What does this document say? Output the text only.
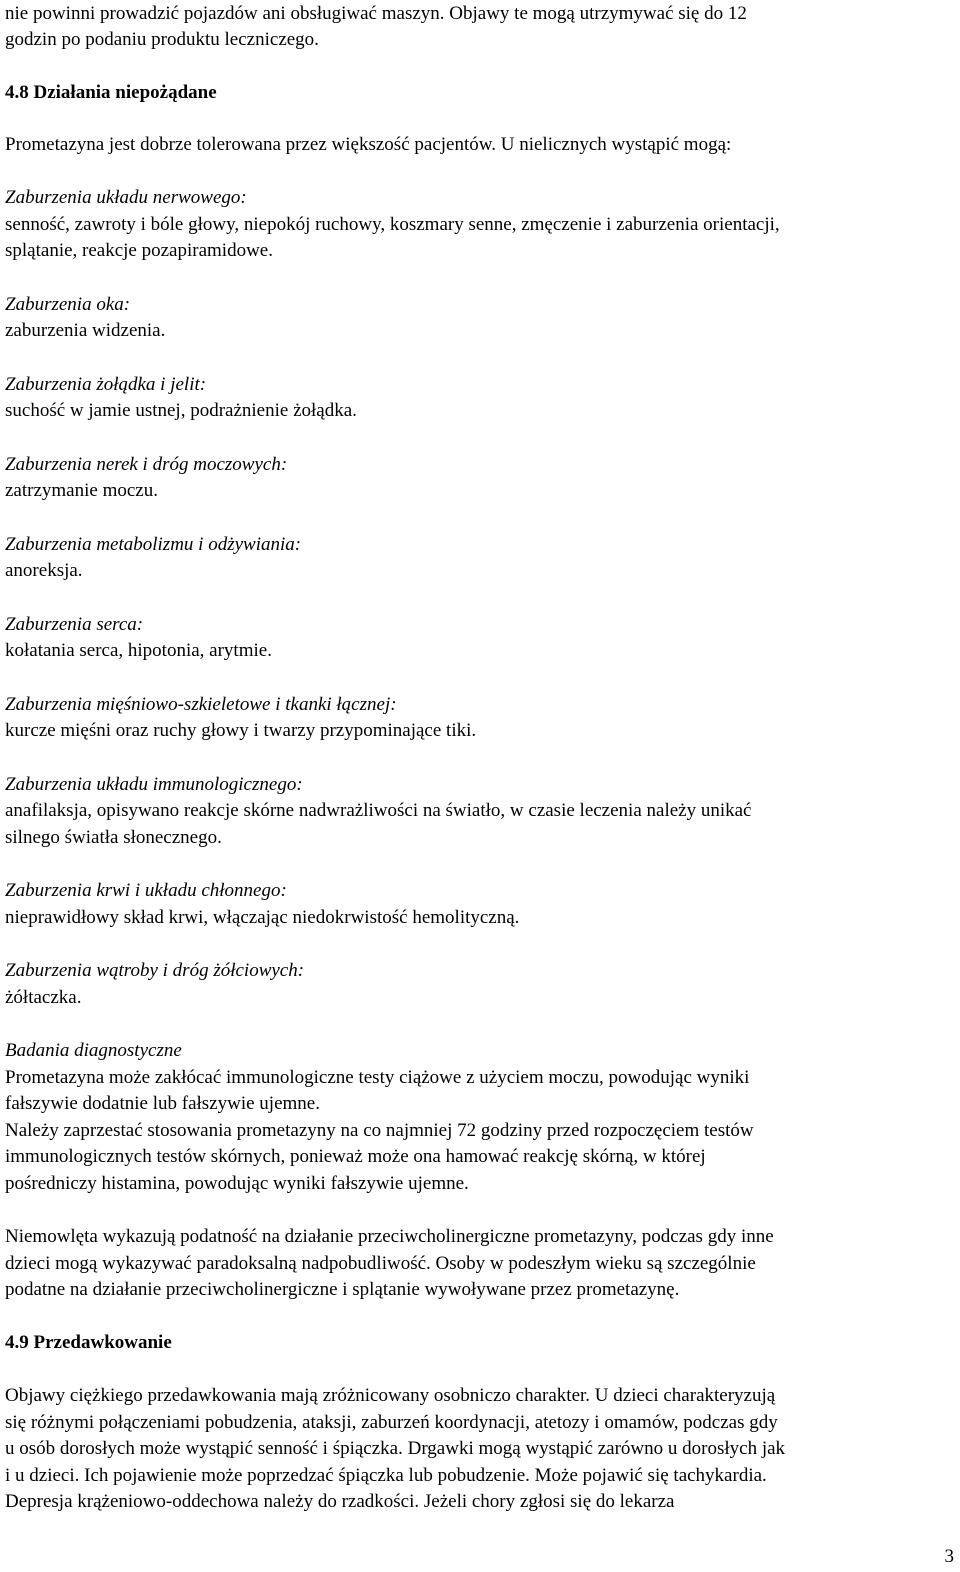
nie powinni prowadzić pojazdów ani obsługiwać maszyn. Objawy te mogą utrzymywać się do 12
godzin po podaniu produktu leczniczego.
4.8 Działania niepożądane
Prometazyna jest dobrze tolerowana przez większość pacjentów. U nielicznych wystąpić mogą:
Zaburzenia układu nerwowego:
senność, zawroty i bóle głowy, niepokój ruchowy, koszmary senne, zmęczenie i zaburzenia orientacji,
splątanie, reakcje pozapiramidowe.
Zaburzenia oka:
zaburzenia widzenia.
Zaburzenia żołądka i jelit:
suchość w jamie ustnej, podrażnienie żołądka.
Zaburzenia nerek i dróg moczowych:
zatrzymanie moczu.
Zaburzenia metabolizmu i odżywiania:
anoreksja.
Zaburzenia serca:
kołatania serca, hipotonia, arytmie.
Zaburzenia mięśniowo-szkieletowe i tkanki łącznej:
kurcze mięśni oraz ruchy głowy i twarzy przypominające tiki.
Zaburzenia układu immunologicznego:
anafilaksja, opisywano reakcje skórne nadwrażliwości na światło, w czasie leczenia należy unikać
silnego światła słonecznego.
Zaburzenia krwi i układu chłonnego:
nieprawidłowy skład krwi, włączając niedokrwistość hemolityczną.
Zaburzenia wątroby i dróg żółciowych:
żółtaczka.
Badania diagnostyczne
Prometazyna może zakłócać immunologiczne testy ciążowe z użyciem moczu, powodując wyniki
fałszywie dodatnie lub fałszywie ujemne.
Należy zaprzestać stosowania prometazyny na co najmniej 72 godziny przed rozpoczęciem testów
immunologicznych testów skórnych, ponieważ może ona hamować reakcję skórną, w której
pośredniczy histamina, powodując wyniki fałszywie ujemne.
Niemowlęta wykazują podatność na działanie przeciwcholinergiczne prometazyny, podczas gdy inne
dzieci mogą wykazywać paradoksalną nadpobudliwość. Osoby w podeszłym wieku są szczególnie
podatne na działanie przeciwcholinergiczne i splątanie wywoływane przez prometazynę.
4.9 Przedawkowanie
Objawy ciężkiego przedawkowania mają zróżnicowany osobniczo charakter. U dzieci charakteryzują
się różnymi połączeniami pobudzenia, ataksji, zaburzeń koordynacji, atetozy i omamów, podczas gdy
u osób dorosłych może wystąpić senność i śpiączka. Drgawki mogą wystąpić zarówno u dorosłych jak
i u dzieci. Ich pojawienie może poprzedzać śpiączka lub pobudzenie. Może pojawić się tachykardia.
Depresja krążeniowo-oddechowa należy do rzadkości. Jeżeli chory zgłosi się do lekarza
3
